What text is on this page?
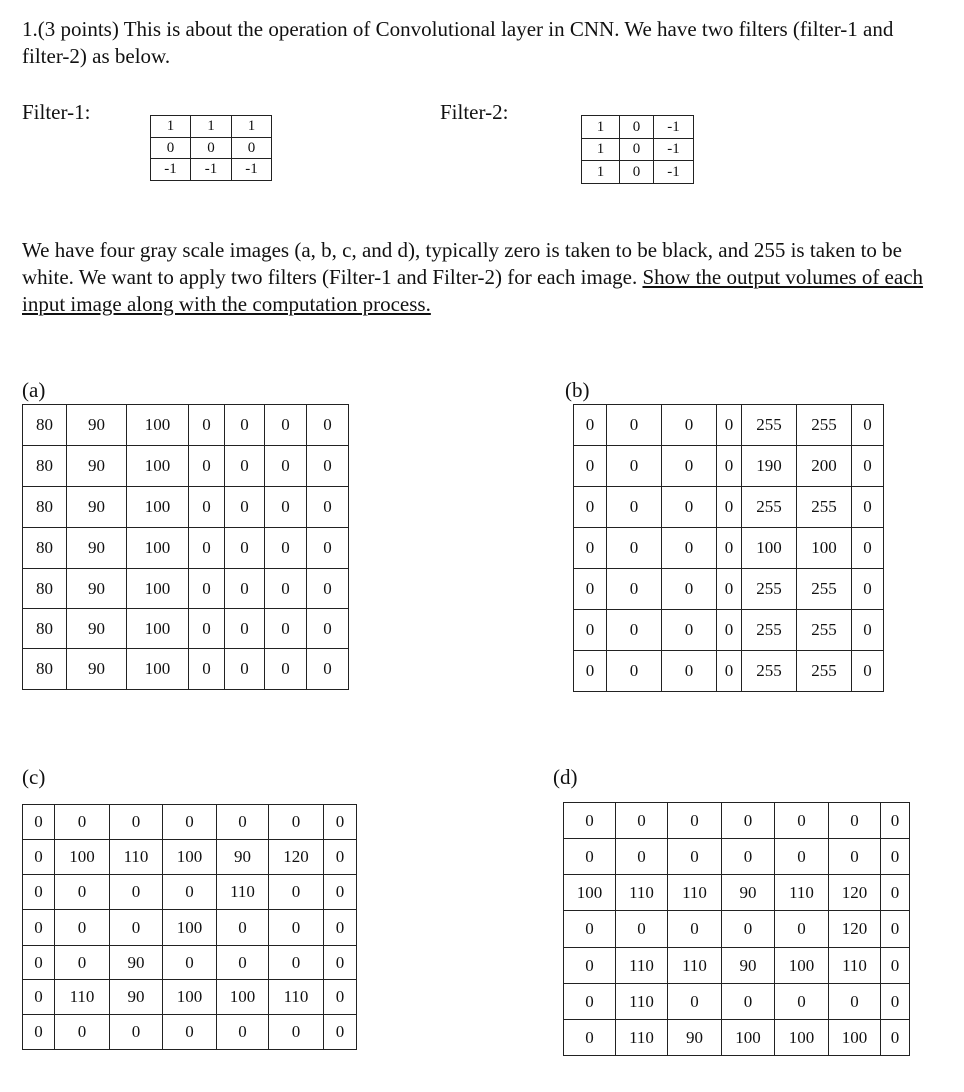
1.(3 points) This is about the operation of Convolutional layer in CNN. We have two filters (filter-1 and filter-2) as below.
Filter-1:
1	1	1
0	0	0
-1	-1	-1
Filter-2:
1	0	-1
1	0	-1
1	0	-1
We have four gray scale images (a, b, c, and d), typically zero is taken to be black, and 255 is taken to be white. We want to apply two filters (Filter-1 and Filter-2) for each image. Show the output volumes of each input image along with the computation process.
(a)
80	90	100	0	0	0	0
80	90	100	0	0	0	0
80	90	100	0	0	0	0
80	90	100	0	0	0	0
80	90	100	0	0	0	0
80	90	100	0	0	0	0
80	90	100	0	0	0	0
(b)
0	0	0	0	255	255	0
0	0	0	0	190	200	0
0	0	0	0	255	255	0
0	0	0	0	100	100	0
0	0	0	0	255	255	0
0	0	0	0	255	255	0
0	0	0	0	255	255	0
(c)
0	0	0	0	0	0	0
0	100	110	100	90	120	0
0	0	0	0	110	0	0
0	0	0	100	0	0	0
0	0	90	0	0	0	0
0	110	90	100	100	110	0
0	0	0	0	0	0	0
(d)
0	0	0	0	0	0	0
0	0	0	0	0	0	0
100	110	110	90	110	120	0
0	0	0	0	0	120	0
0	110	110	90	100	110	0
0	110	0	0	0	0	0
0	110	90	100	100	100	0
